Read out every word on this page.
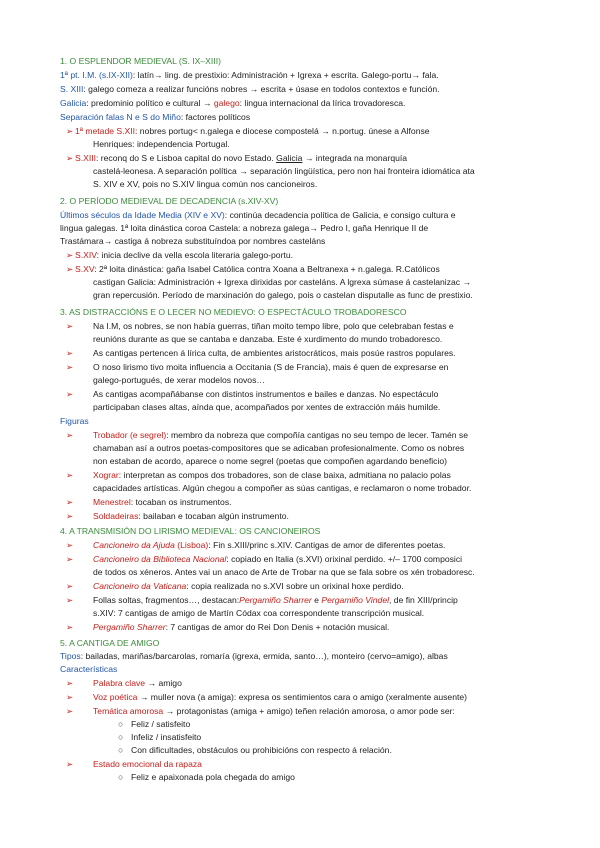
1. O ESPLENDOR MEDIEVAL (S. IX–XIII)
1ª pt. I.M. (s.IX-XII): latín→ ling. de prestixio: Administración + Igrexa + escrita. Galego-portu→ fala.
S. XIII: galego comeza a realizar funcións nobres → escrita + úsase en todolos contextos e función.
Galicia: predominio político e cultural → galego: lingua internacional da lírica trovadoresca.
Separación falas N e S do Miño: factores políticos
➢ 1ª metade S.XII: nobres portug< n.galega e diocese compostelá → n.portug. únese a Alfonse
Henriques: independencia Portugal.
➢ S.XIII: reconq do S e Lisboa capital do novo Estado. Galicia → integrada na monarquía
castelá-leonesa. A separación política → separación lingüística, pero non hai fronteira idiomática ata
S. XIV e XV, pois no S.XIV lingua común nos cancioneiros.
2. O PERÍODO MEDIEVAL DE DECADENCIA (s.XIV-XV)
Últimos séculos da Idade Media (XIV e XV): continúa decadencia política de Galicia, e consigo cultura e
lingua galegas. 1ª loita dinástica coroa Castela: a nobreza galega→ Pedro I, gaña Henrique II de
Trastámara→ castiga á nobreza substituíndoa por nombres casteláns
➢ S.XIV: inicia declive da vella escola literaria galego-portu.
➢ S.XV: 2ª loita dinástica: gaña Isabel Católica contra Xoana a Beltranexa + n.galega. R.Católicos
castigan Galicia: Administración + Igrexa dirixidas por casteláns. A lgrexa súmase á castelanizac →
gran repercusión. Período de marxinación do galego, pois o castelan disputalle as func de prestixio.
3. AS DISTRACCIÓNS E O LECER NO MEDIEVO: O ESPECTÁCULO TROBADORESCO
➢ Na I.M, os nobres, se non había guerras, tiñan moito tempo libre, polo que celebraban festas e
reunións durante as que se cantaba e danzaba. Este é xurdimento do mundo trobadoresco.
➢ As cantigas pertencen á lírica culta, de ambientes aristocráticos, mais posúe rastros populares.
➢ O noso lirismo tivo moita influencia a Occitania (S de Francia), mais é quen de expresarse en
galego-portugués, de xerar modelos novos…
➢ As cantigas acompañábanse con distintos instrumentos e bailes e danzas. No espectáculo
participaban clases altas, aínda que, acompañados por xentes de extracción máis humilde.
Figuras
➢ Trobador (e segrel): membro da nobreza que compoñía cantigas no seu tempo de lecer. Tamén se
chamaban así a outros poetas-compositores que se adicaban profesionalmente. Como os nobres
non estaban de acordo, aparece o nome segrel (poetas que compoñen agardando beneficio)
➢ Xograr: interpretan as compos dos trobadores, son de clase baixa, admitiana no palacio polas
capacidades artísticas. Algún chegou a compoñer as súas cantigas, e reclamaron o nome trobador.
➢ Menestrel: tocaban os instrumentos.
➢ Soldadeiras: bailaban e tocaban algún instrumento.
4. A TRANSMISIÓN DO LIRISMO MEDIEVAL: OS CANCIONEIROS
➢ Cancioneiro da Ajuda (Lisboa): Fin s.XIII/princ s.XIV. Cantigas de amor de diferentes poetas.
➢ Cancioneiro da Biblioteca Nacional: copiado en Italia (s.XVI) orixinal perdido. +/– 1700 composici
de todos os xéneros. Antes vai un anaco de Arte de Trobar na que se fala sobre os xén trobadoresc.
➢ Cancioneiro da Vaticana: copia realizada no s.XVI sobre un orixinal hoxe perdido.
➢ Follas soltas, fragmentos…, destacan:Pergamiño Sharrer e Pergamiño Vindel, de fin XIII/princip
s.XIV: 7 cantigas de amigo de Martín Códax coa correspondente transcripción musical.
➢ Pergamiño Sharrer: 7 cantigas de amor do Rei Don Denis + notación musical.
5. A CANTIGA DE AMIGO
Tipos: bailadas, mariñas/barcarolas, romaría (igrexa, ermida, santo…), monteiro (cervo=amigo), albas
Características
➢ Palabra clave → amigo
➢ Voz poética → muller nova (a amiga): expresa os sentimientos cara o amigo (xeralmente ausente)
➢ Temática amorosa → protagonistas (amiga + amigo) teñen relación amorosa, o amor pode ser:
○ Feliz / satisfeito
○ Infeliz / insatisfeito
○ Con dificultades, obstáculos ou prohibicións con respecto á relación.
➢ Estado emocional da rapaza
○ Feliz e apaixonada pola chegada do amigo
